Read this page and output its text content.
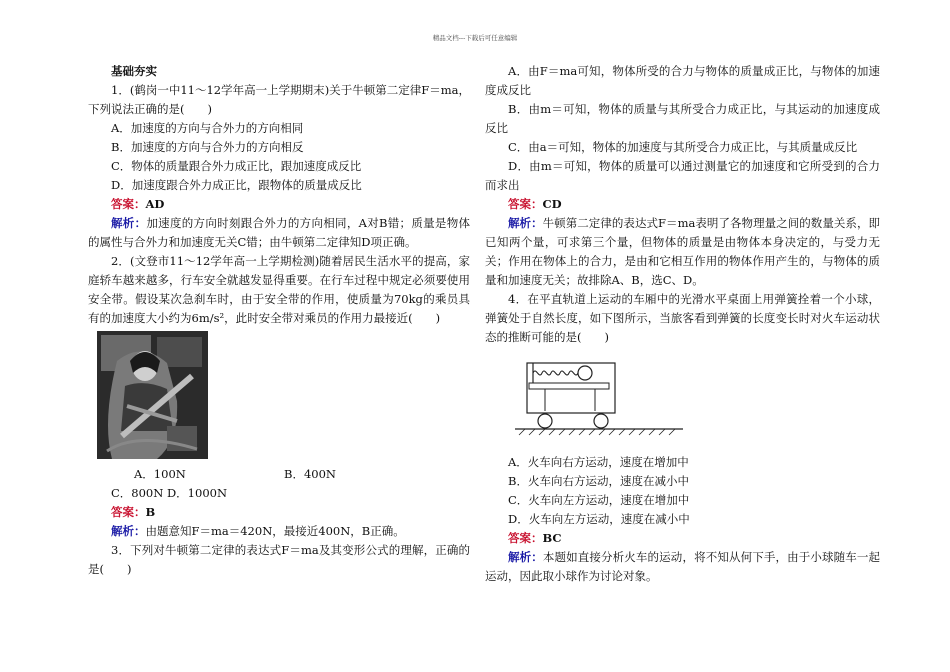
精品文档---下载后可任意编辑

基础夯实

1．(鹤岗一中11～12学年高一上学期期末)关于牛顿第二定律F＝ma，下列说法正确的是(　　)

A．加速度的方向与合外力的方向相同

B．加速度的方向与合外力的方向相反

C．物体的质量跟合外力成正比，跟加速度成反比

D．加速度跟合外力成正比，跟物体的质量成反比

答案：AD

解析：加速度的方向时刻跟合外力的方向相同，A对B错；质量是物体的属性与合外力和加速度无关C错；由牛顿第二定律知D项正确。

2．(文登市11～12学年高一上学期检测)随着居民生活水平的提高，家庭轿车越来越多，行车安全就越发显得重要。在行车过程中规定必须要使用安全带。假设某次急刹车时，由于安全带的作用，使质量为70kg的乘员具有的加速度大小约为6m/s²，此时安全带对乘员的作用力最接近(　　)

A．100N	B．400N

C．800N D．1000N

答案：B

解析：由题意知F＝ma＝420N，最接近400N，B正确。

3．下列对牛顿第二定律的表达式F＝ma及其变形公式的理解，正确的是(　　)

A．由F＝ma可知，物体所受的合力与物体的质量成正比，与物体的加速度成反比

B．由m＝可知，物体的质量与其所受合力成正比，与其运动的加速度成反比

C．由a＝可知，物体的加速度与其所受合力成正比，与其质量成反比

D．由m＝可知，物体的质量可以通过测量它的加速度和它所受到的合力而求出

答案：CD

解析：牛顿第二定律的表达式F＝ma表明了各物理量之间的数量关系，即已知两个量，可求第三个量，但物体的质量是由物体本身决定的，与受力无关；作用在物体上的合力，是由和它相互作用的物体作用产生的，与物体的质量和加速度无关；故排除A、B，选C、D。

4．在平直轨道上运动的车厢中的光滑水平桌面上用弹簧拴着一个小球，弹簧处于自然长度，如下图所示，当旅客看到弹簧的长度变长时对火车运动状态的推断可能的是(　　)

A．火车向右方运动，速度在增加中

B．火车向右方运动，速度在减小中

C．火车向左方运动，速度在增加中

D．火车向左方运动，速度在减小中

答案：BC

解析：本题如直接分析火车的运动，将不知从何下手，由于小球随车一起运动，因此取小球作为讨论对象。
